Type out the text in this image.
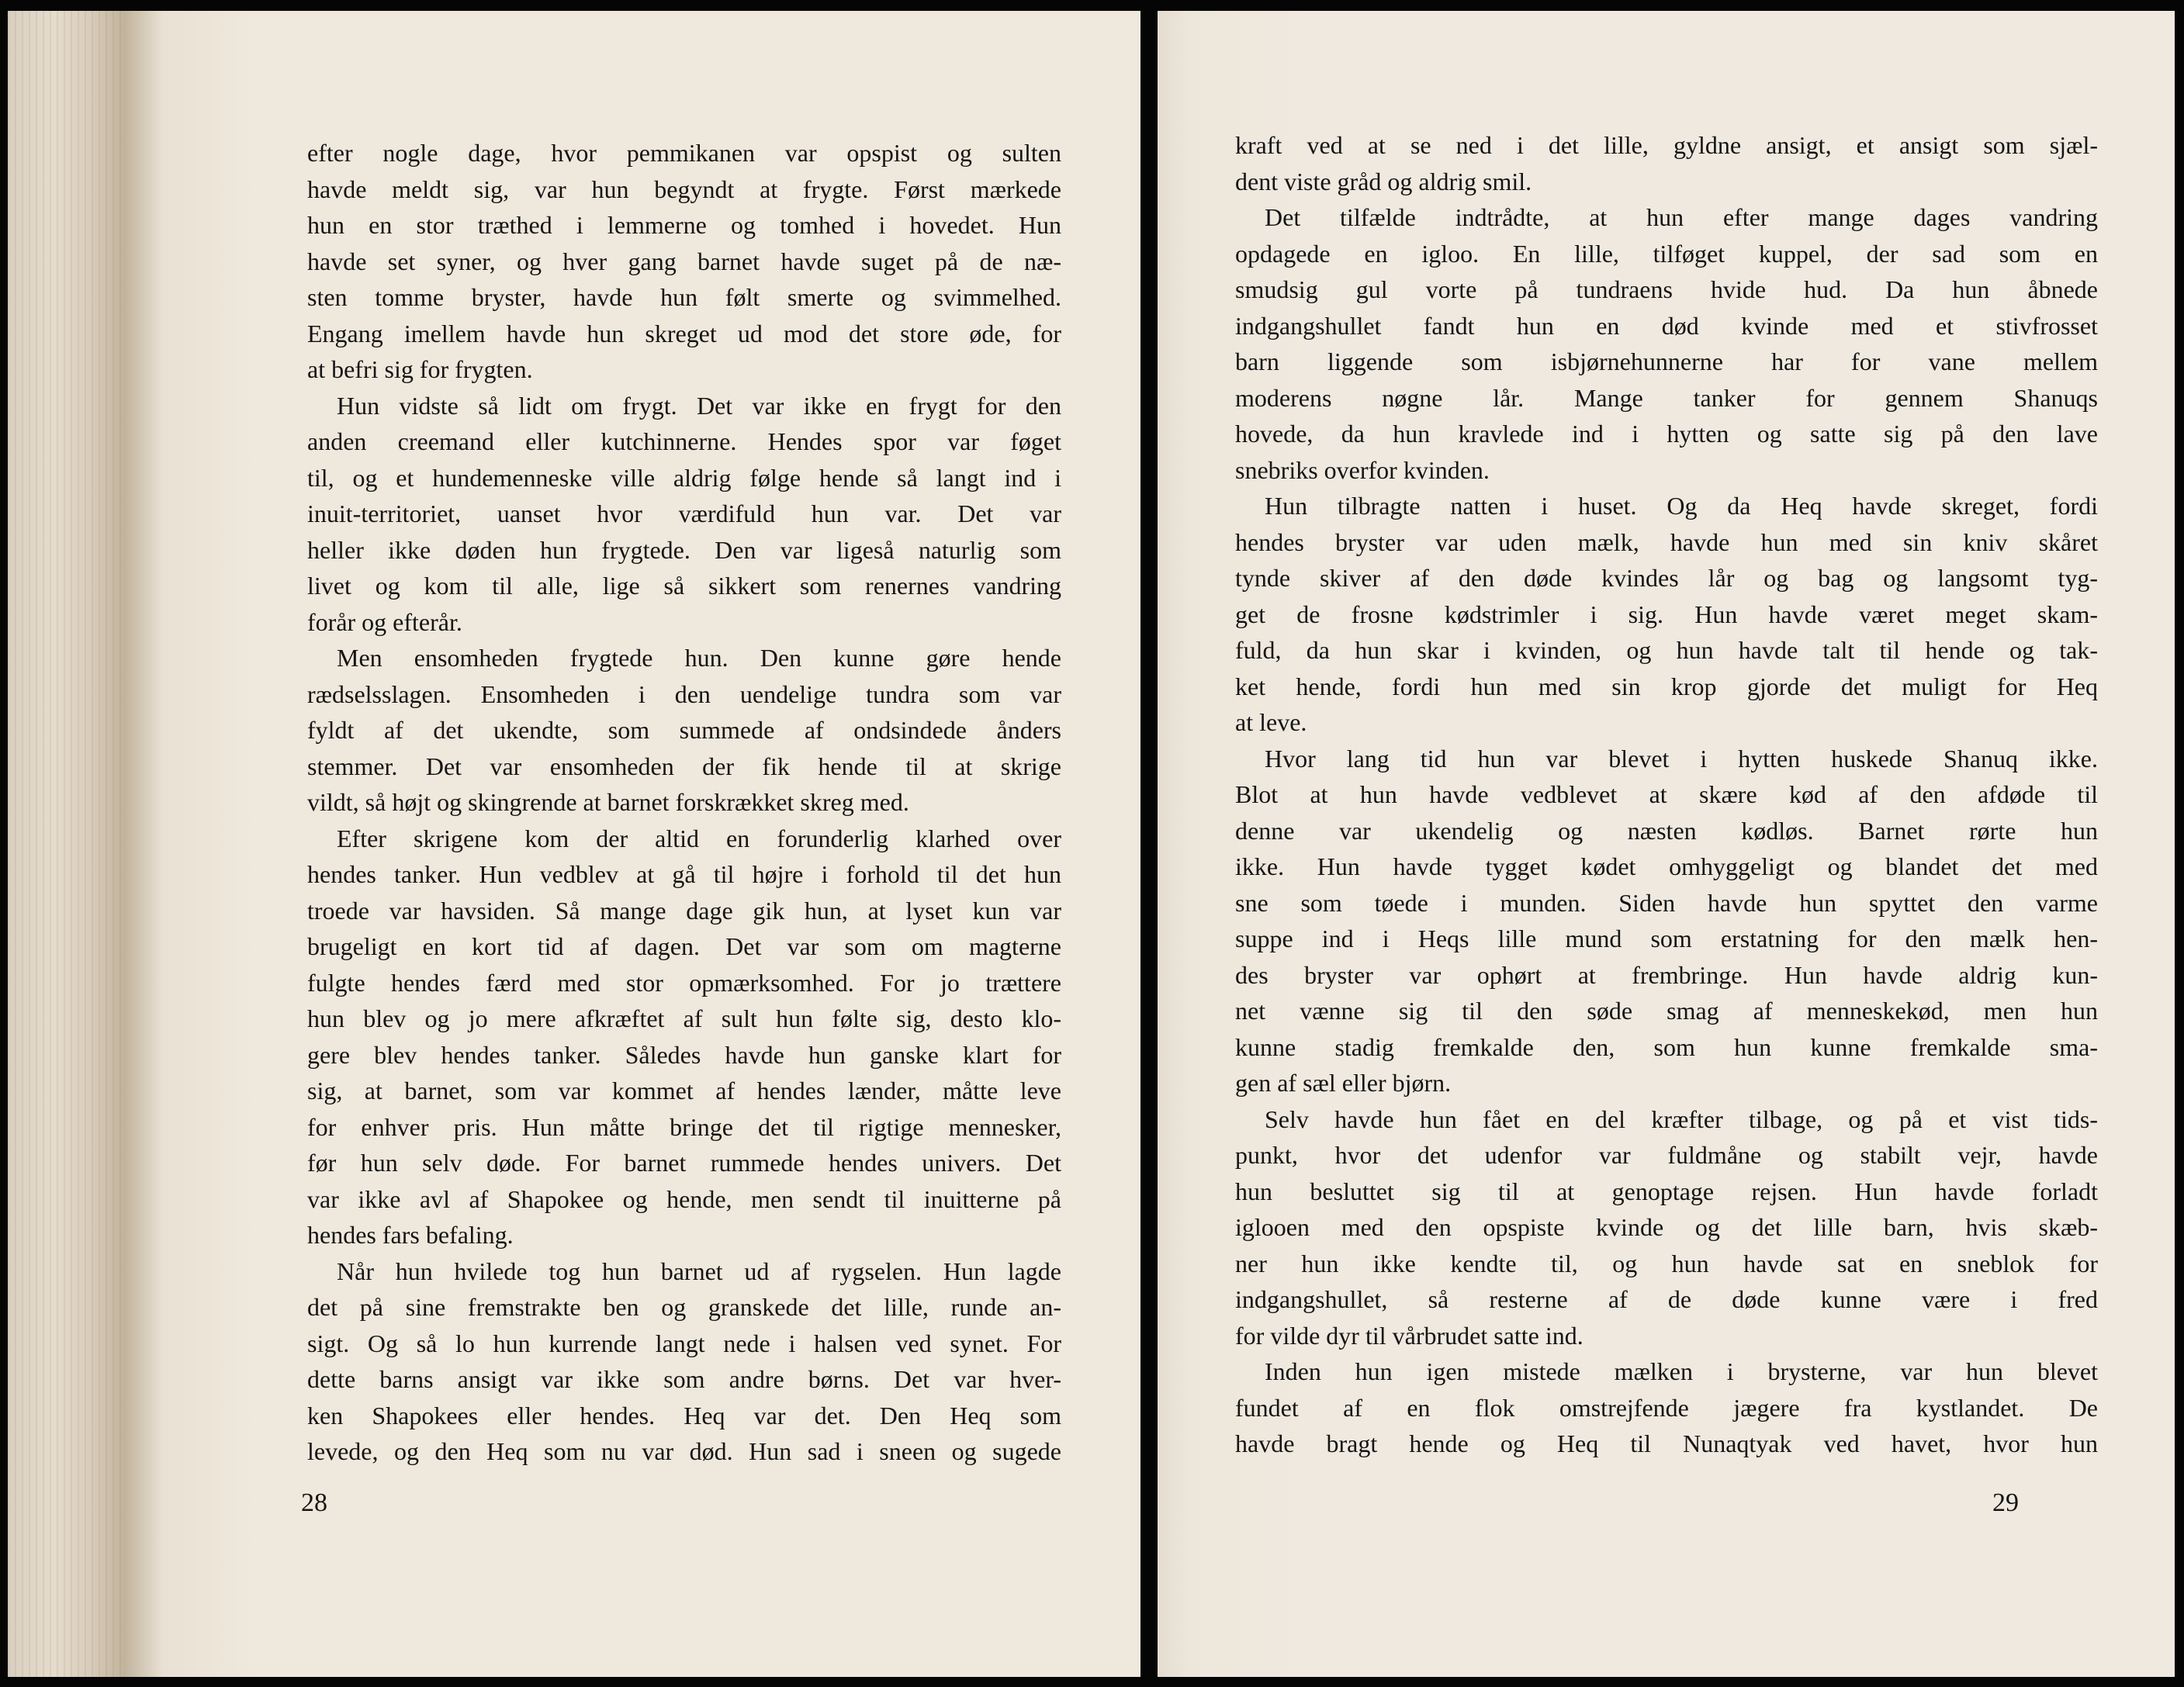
efter nogle dage, hvor pemmikanen var opspist og sulten

havde meldt sig, var hun begyndt at frygte. Først mærkede

hun en stor træthed i lemmerne og tomhed i hovedet. Hun

havde set syner, og hver gang barnet havde suget på de næ-

sten tomme bryster, havde hun følt smerte og svimmelhed.

Engang imellem havde hun skreget ud mod det store øde, for

at befri sig for frygten.

Hun vidste så lidt om frygt. Det var ikke en frygt for den

anden creemand eller kutchinnerne. Hendes spor var føget

til, og et hundemenneske ville aldrig følge hende så langt ind i

inuit-territoriet, uanset hvor værdifuld hun var. Det var

heller ikke døden hun frygtede. Den var ligeså naturlig som

livet og kom til alle, lige så sikkert som renernes vandring

forår og efterår.

Men ensomheden frygtede hun. Den kunne gøre hende

rædselsslagen. Ensomheden i den uendelige tundra som var

fyldt af det ukendte, som summede af ondsindede ånders

stemmer. Det var ensomheden der fik hende til at skrige

vildt, så højt og skingrende at barnet forskrækket skreg med.

Efter skrigene kom der altid en forunderlig klarhed over

hendes tanker. Hun vedblev at gå til højre i forhold til det hun

troede var havsiden. Så mange dage gik hun, at lyset kun var

brugeligt en kort tid af dagen. Det var som om magterne

fulgte hendes færd med stor opmærksomhed. For jo trættere

hun blev og jo mere afkræftet af sult hun følte sig, desto klo-

gere blev hendes tanker. Således havde hun ganske klart for

sig, at barnet, som var kommet af hendes lænder, måtte leve

for enhver pris. Hun måtte bringe det til rigtige mennesker,

før hun selv døde. For barnet rummede hendes univers. Det

var ikke avl af Shapokee og hende, men sendt til inuitterne på

hendes fars befaling.

Når hun hvilede tog hun barnet ud af rygselen. Hun lagde

det på sine fremstrakte ben og granskede det lille, runde an-

sigt. Og så lo hun kurrende langt nede i halsen ved synet. For

dette barns ansigt var ikke som andre børns. Det var hver-

ken Shapokees eller hendes. Heq var det. Den Heq som

levede, og den Heq som nu var død. Hun sad i sneen og sugede

28

kraft ved at se ned i det lille, gyldne ansigt, et ansigt som sjæl-

dent viste gråd og aldrig smil.

Det tilfælde indtrådte, at hun efter mange dages vandring

opdagede en igloo. En lille, tilføget kuppel, der sad som en

smudsig gul vorte på tundraens hvide hud. Da hun åbnede

indgangshullet fandt hun en død kvinde med et stivfrosset

barn liggende som isbjørnehunnerne har for vane mellem

moderens nøgne lår. Mange tanker for gennem Shanuqs

hovede, da hun kravlede ind i hytten og satte sig på den lave

snebriks overfor kvinden.

Hun tilbragte natten i huset. Og da Heq havde skreget, fordi

hendes bryster var uden mælk, havde hun med sin kniv skåret

tynde skiver af den døde kvindes lår og bag og langsomt tyg-

get de frosne kødstrimler i sig. Hun havde været meget skam-

fuld, da hun skar i kvinden, og hun havde talt til hende og tak-

ket hende, fordi hun med sin krop gjorde det muligt for Heq

at leve.

Hvor lang tid hun var blevet i hytten huskede Shanuq ikke.

Blot at hun havde vedblevet at skære kød af den afdøde til

denne var ukendelig og næsten kødløs. Barnet rørte hun

ikke. Hun havde tygget kødet omhyggeligt og blandet det med

sne som tøede i munden. Siden havde hun spyttet den varme

suppe ind i Heqs lille mund som erstatning for den mælk hen-

des bryster var ophørt at frembringe. Hun havde aldrig kun-

net vænne sig til den søde smag af menneskekød, men hun

kunne stadig fremkalde den, som hun kunne fremkalde sma-

gen af sæl eller bjørn.

Selv havde hun fået en del kræfter tilbage, og på et vist tids-

punkt, hvor det udenfor var fuldmåne og stabilt vejr, havde

hun besluttet sig til at genoptage rejsen. Hun havde forladt

iglooen med den opspiste kvinde og det lille barn, hvis skæb-

ner hun ikke kendte til, og hun havde sat en sneblok for

indgangshullet, så resterne af de døde kunne være i fred

for vilde dyr til vårbrudet satte ind.

Inden hun igen mistede mælken i brysterne, var hun blevet

fundet af en flok omstrejfende jægere fra kystlandet. De

havde bragt hende og Heq til Nunaqtyak ved havet, hvor hun

29
